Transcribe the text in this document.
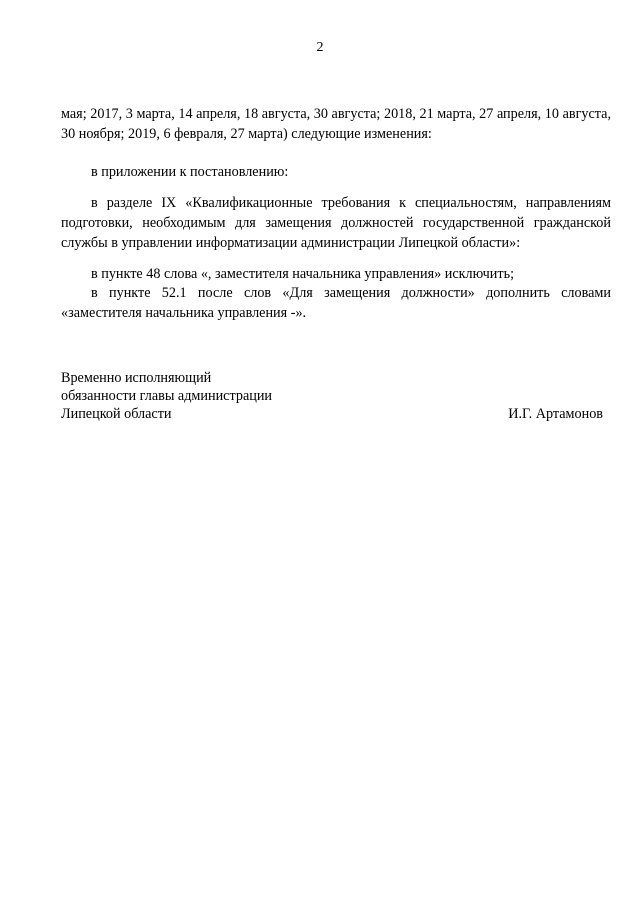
2

мая; 2017, 3 марта, 14 апреля, 18 августа, 30 августа; 2018, 21 марта, 27 апреля, 10 августа, 30 ноября; 2019, 6 февраля, 27 марта) следующие изменения:

в приложении к постановлению:

в разделе IX «Квалификационные требования к специальностям, направлениям подготовки, необходимым для замещения должностей государственной гражданской службы в управлении информатизации администрации Липецкой области»:

в пункте 48 слова «, заместителя начальника управления» исключить;

в пункте 52.1 после слов «Для замещения должности» дополнить словами «заместителя начальника управления -».

Временно исполняющий
обязанности главы администрации
Липецкой области	И.Г. Артамонов
